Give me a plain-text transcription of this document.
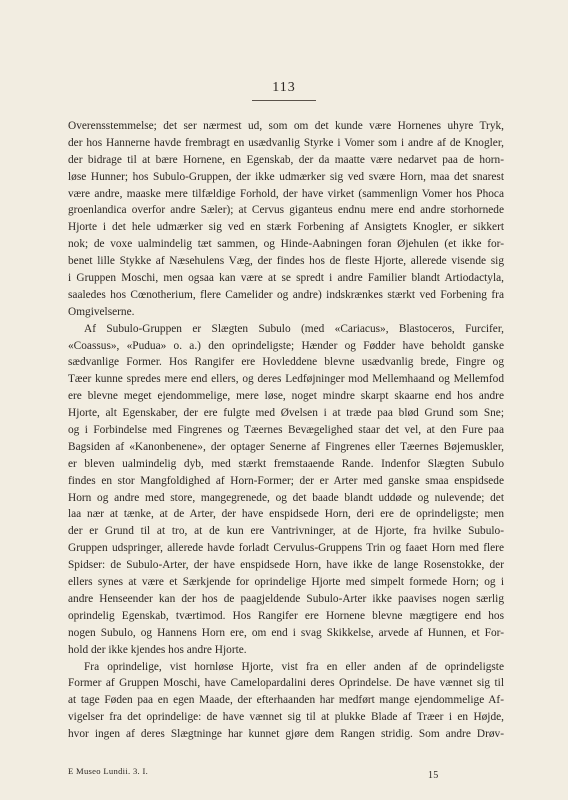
113
Overensstemmelse; det ser nærmest ud, som om det kunde være Hornenes uhyre Tryk,
der hos Hannerne havde frembragt en usædvanlig Styrke i Vomer som i andre af de Knogler,
der bidrage til at bære Hornene, en Egenskab, der da maatte være nedarvet paa de horn-
løse Hunner; hos Subulo-Gruppen, der ikke udmærker sig ved svære Horn, maa det snarest
være andre, maaske mere tilfældige Forhold, der have virket (sammenlign Vomer hos Phoca
groenlandica overfor andre Sæler); at Cervus giganteus endnu mere end andre storhornede
Hjorte i det hele udmærker sig ved en stærk Forbening af Ansigtets Knogler, er sikkert
nok; de voxe ualmindelig tæt sammen, og Hinde-Aabningen foran Øjehulen (et ikke for-
benet lille Stykke af Næsehulens Væg, der findes hos de fleste Hjorte, allerede visende sig
i Gruppen Moschi, men ogsaa kan være at se spredt i andre Familier blandt Artiodactyla,
saaledes hos Cœnotherium, flere Camelider og andre) indskrænkes stærkt ved Forbening fra
Omgivelserne.
Af Subulo-Gruppen er Slægten Subulo (med «Cariacus», Blastoceros, Furcifer,
«Coassus», «Pudua» o. a.) den oprindeligste; Hænder og Fødder have beholdt ganske
sædvanlige Former. Hos Rangifer ere Hovleddene blevne usædvanlig brede, Fingre og
Tæer kunne spredes mere end ellers, og deres Ledføjninger mod Mellemhaand og Mellemfod
ere blevne meget ejendommelige, mere løse, noget mindre skarpt skaarne end hos andre
Hjorte, alt Egenskaber, der ere fulgte med Øvelsen i at træde paa blød Grund som Sne;
og i Forbindelse med Fingrenes og Tæernes Bevægelighed staar det vel, at den Fure paa
Bagsiden af «Kanonbenene», der optager Senerne af Fingrenes eller Tæernes Bøjemuskler,
er bleven ualmindelig dyb, med stærkt fremstaaende Rande. Indenfor Slægten Subulo
findes en stor Mangfoldighed af Horn-Former; der er Arter med ganske smaa enspidsede
Horn og andre med store, mangegrenede, og det baade blandt uddøde og nulevende; det
laa nær at tænke, at de Arter, der have enspidsede Horn, deri ere de oprindeligste; men
der er Grund til at tro, at de kun ere Vantrivninger, at de Hjorte, fra hvilke Subulo-
Gruppen udspringer, allerede havde forladt Cervulus-Gruppens Trin og faaet Horn med flere
Spidser: de Subulo-Arter, der have enspidsede Horn, have ikke de lange Rosenstokke, der
ellers synes at være et Særkjende for oprindelige Hjorte med simpelt formede Horn; og i
andre Henseender kan der hos de paagjeldende Subulo-Arter ikke paavises nogen særlig
oprindelig Egenskab, tværtimod. Hos Rangifer ere Hornene blevne mægtigere end hos
nogen Subulo, og Hannens Horn ere, om end i svag Skikkelse, arvede af Hunnen, et For-
hold der ikke kjendes hos andre Hjorte.
Fra oprindelige, vist hornløse Hjorte, vist fra en eller anden af de oprindeligste
Former af Gruppen Moschi, have Camelopardalini deres Oprindelse. De have vænnet sig til
at tage Føden paa en egen Maade, der efterhaanden har medført mange ejendommelige Af-
vigelser fra det oprindelige: de have vænnet sig til at plukke Blade af Træer i en Højde,
hvor ingen af deres Slægtninge har kunnet gjøre dem Rangen stridig. Som andre Drøv-
E Museo Lundii. 3. I.	15
